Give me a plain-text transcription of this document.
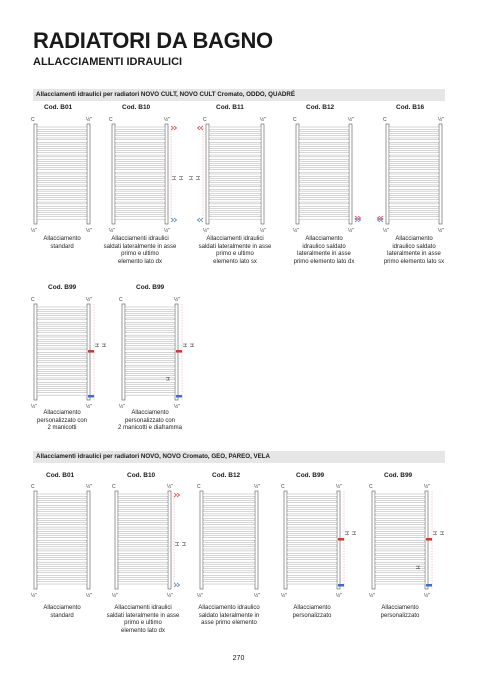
RADIATORI DA BAGNO
ALLACCIAMENTI IDRAULICI
Allacciamenti idraulici per radiatori NOVO CULT, NOVO CULT Cromato, ODDO, QUADRÉ
Allacciamenti idraulici per radiatori NOVO, NOVO Cromato, GEO, PAREO, VELA
C	½"
½"	½"
C	½"
½"	½"
H H
C	½"
½"	½"
H
H
C	½"
½"	½"
C	½"
½"	½"
C	½"
½"	½"
H H
C	½"
½"	½"
H H
H
C	½"
½"	½"
C	½"
½"	½"
H H
C	½"
½"	½"
C	½"
½"	½"
H H
C	½"
½"	½"
H H
H
270
Cod. B01
Allacciamento
standard
Cod. B10
Allacciamenti idraulici
saldati lateralmente in asse
primo e ultimo
elemento lato dx
Cod. B11
Allacciamenti idraulici
saldati lateralmente in asse
primo e ultimo
elemento lato sx
Cod. B12
Allacciamento
idraulico saldato
lateralmente in asse
primo elemento lato dx
Cod. B16
Allacciamento
idraulico saldato
lateralmente in asse
primo elemento lato sx
Cod. B99
Allacciamento
personalizzato con
2 manicotti
Cod. B99
Allacciamento
personalizzato con
2 manicotti e diaframma
Cod. B01
Allacciamento
standard
Cod. B10
Allacciamenti idraulici
saldati lateralmente in asse
primo e ultimo
elemento lato dx
Cod. B12
Allacciamento idraulico
saldato lateralmente in
asse primo elemento
Cod. B99
Allacciamento
personalizzato
Cod. B99
Allacciamento
personalizzato
